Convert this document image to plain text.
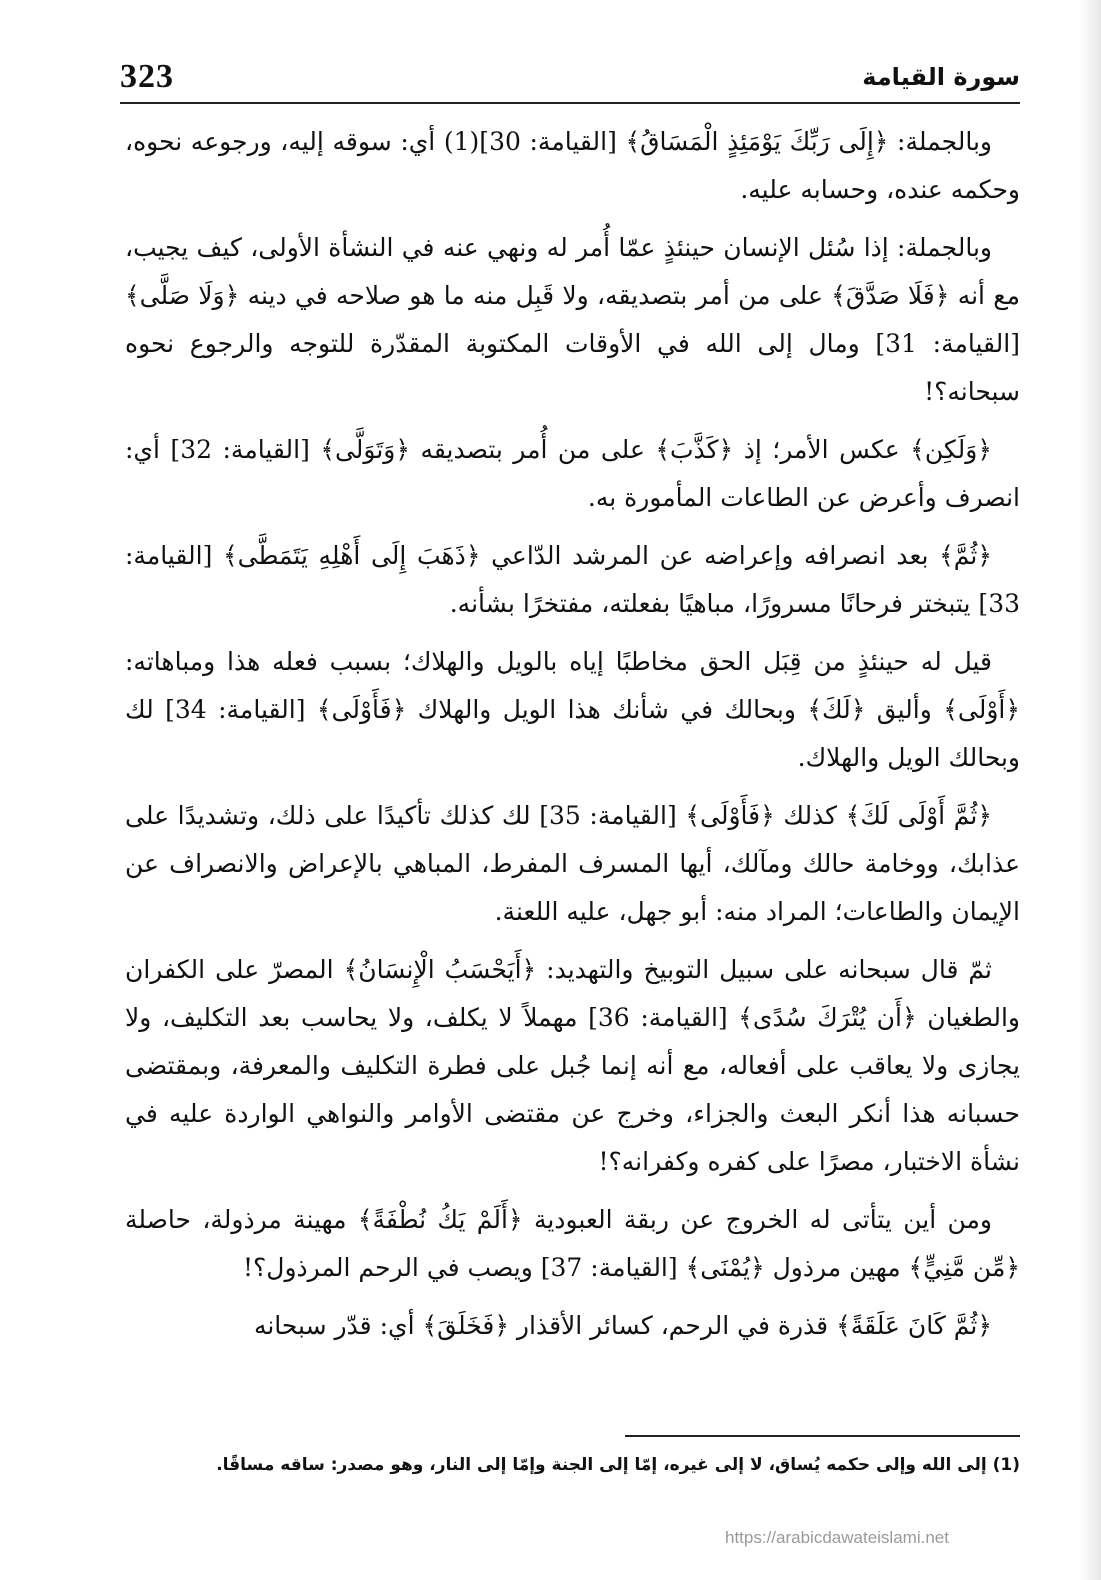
323	سورة القيامة

وبالجملة: ﴿إِلَى رَبِّكَ يَوْمَئِذٍ الْمَسَاقُ﴾ [القيامة: 30](1) أي: سوقه إليه، ورجوعه نحوه، وحكمه عنده، وحسابه عليه.

وبالجملة: إذا سُئل الإنسان حينئذٍ عمّا أُمر له ونهي عنه في النشأة الأولى، كيف يجيب، مع أنه ﴿فَلَا صَدَّقَ﴾ على من أمر بتصديقه، ولا قَبِل منه ما هو صلاحه في دينه ﴿وَلَا صَلَّى﴾ [القيامة: 31] ومال إلى الله في الأوقات المكتوبة المقدّرة للتوجه والرجوع نحوه سبحانه؟!

﴿وَلَكِن﴾ عكس الأمر؛ إذ ﴿كَذَّبَ﴾ على من أُمر بتصديقه ﴿وَتَوَلَّى﴾ [القيامة: 32] أي: انصرف وأعرض عن الطاعات المأمورة به.

﴿ثُمَّ﴾ بعد انصرافه وإعراضه عن المرشد الدّاعي ﴿ذَهَبَ إِلَى أَهْلِهِ يَتَمَطَّى﴾ [القيامة: 33] يتبختر فرحانًا مسرورًا، مباهيًا بفعلته، مفتخرًا بشأنه.

قيل له حينئذٍ من قِبَل الحق مخاطبًا إياه بالويل والهلاك؛ بسبب فعله هذا ومباهاته: ﴿أَوْلَى﴾ وأليق ﴿لَكَ﴾ وبحالك في شأنك هذا الويل والهلاك ﴿فَأَوْلَى﴾ [القيامة: 34] لك وبحالك الويل والهلاك.

﴿ثُمَّ أَوْلَى لَكَ﴾ كذلك ﴿فَأَوْلَى﴾ [القيامة: 35] لك كذلك تأكيدًا على ذلك، وتشديدًا على عذابك، ووخامة حالك ومآلك، أيها المسرف المفرط، المباهي بالإعراض والانصراف عن الإيمان والطاعات؛ المراد منه: أبو جهل، عليه اللعنة.

ثمّ قال سبحانه على سبيل التوبيخ والتهديد: ﴿أَيَحْسَبُ الْإِنسَانُ﴾ المصرّ على الكفران والطغيان ﴿أَن يُتْرَكَ سُدًى﴾ [القيامة: 36] مهملاً لا يكلف، ولا يحاسب بعد التكليف، ولا يجازى ولا يعاقب على أفعاله، مع أنه إنما جُبل على فطرة التكليف والمعرفة، وبمقتضى حسبانه هذا أنكر البعث والجزاء، وخرج عن مقتضى الأوامر والنواهي الواردة عليه في نشأة الاختبار، مصرًا على كفره وكفرانه؟!

ومن أين يتأتى له الخروج عن ربقة العبودية ﴿أَلَمْ يَكُ نُطْفَةً﴾ مهينة مرذولة، حاصلة ﴿مِّن مَّنِيٍّ﴾ مهين مرذول ﴿يُمْنَى﴾ [القيامة: 37] ويصب في الرحم المرذول؟!

﴿ثُمَّ كَانَ عَلَقَةً﴾ قذرة في الرحم، كسائر الأقذار ﴿فَخَلَقَ﴾ أي: قدّر سبحانه

(1) إلى الله وإلى حكمه يُساق، لا إلى غيره، إمّا إلى الجنة وإمّا إلى النار، وهو مصدر: ساقه مساقًا.
https://arabicdawateislami.net
